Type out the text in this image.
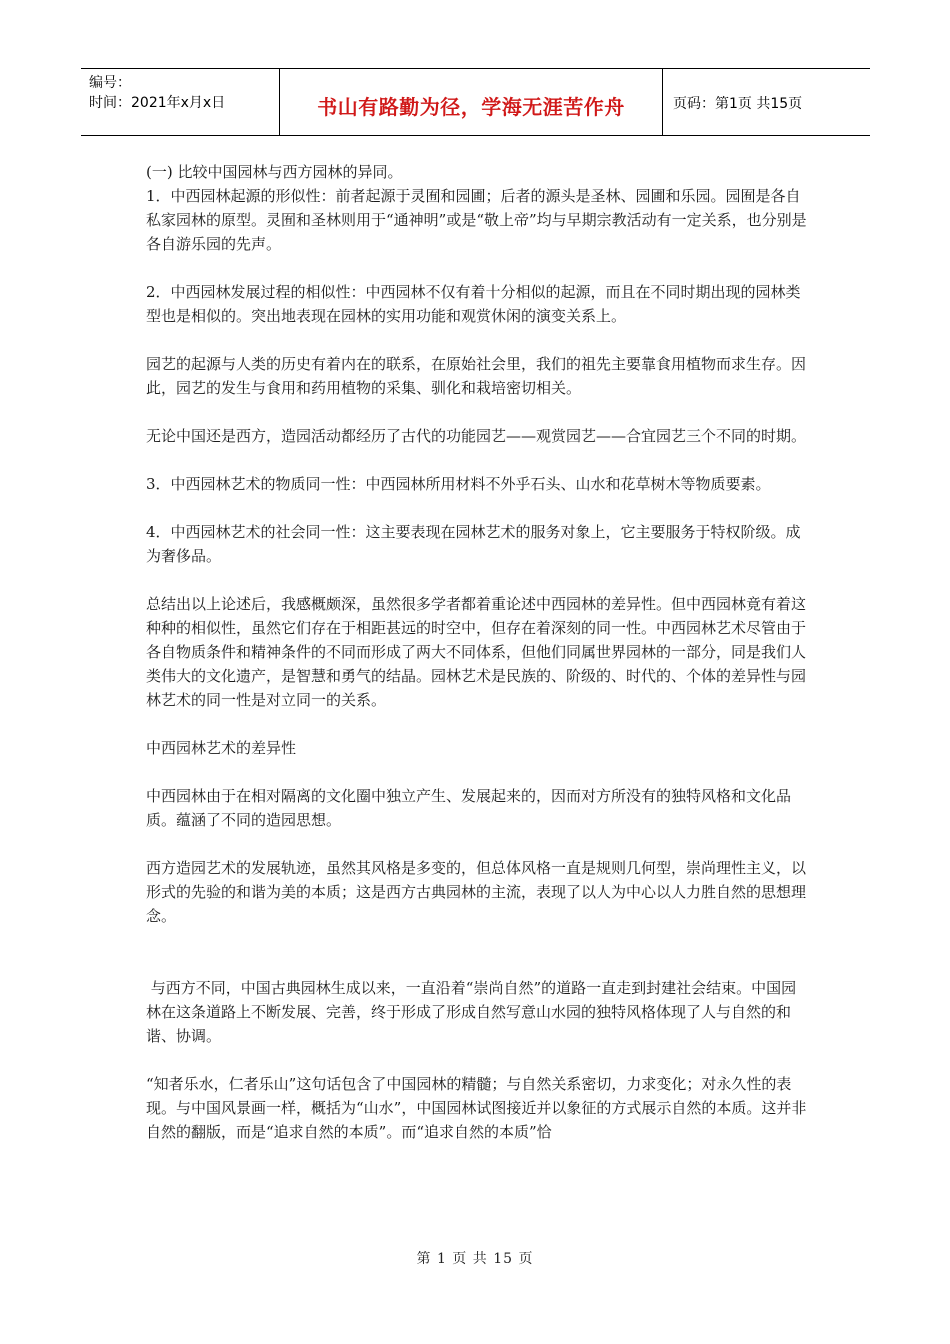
编号：
时间：2021年x月x日	书山有路勤为径，学海无涯苦作舟	页码：第1页 共15页

(一) 比较中国园林与西方园林的异同。

1．中西园林起源的形似性：前者起源于灵囿和园圃；后者的源头是圣林、园圃和乐园。园囿是各自私家园林的原型。灵囿和圣林则用于“通神明”或是“敬上帝”均与早期宗教活动有一定关系，也分别是各自游乐园的先声。

2．中西园林发展过程的相似性：中西园林不仅有着十分相似的起源，而且在不同时期出现的园林类型也是相似的。突出地表现在园林的实用功能和观赏休闲的演变关系上。

园艺的起源与人类的历史有着内在的联系，在原始社会里，我们的祖先主要靠食用植物而求生存。因此，园艺的发生与食用和药用植物的采集、驯化和栽培密切相关。

无论中国还是西方，造园活动都经历了古代的功能园艺——观赏园艺——合宜园艺三个不同的时期。

3．中西园林艺术的物质同一性：中西园林所用材料不外乎石头、山水和花草树木等物质要素。

4．中西园林艺术的社会同一性：这主要表现在园林艺术的服务对象上，它主要服务于特权阶级。成为奢侈品。

总结出以上论述后，我感概颇深，虽然很多学者都着重论述中西园林的差异性。但中西园林竟有着这种种的相似性，虽然它们存在于相距甚远的时空中，但存在着深刻的同一性。中西园林艺术尽管由于各自物质条件和精神条件的不同而形成了两大不同体系，但他们同属世界园林的一部分，同是我们人类伟大的文化遗产，是智慧和勇气的结晶。园林艺术是民族的、阶级的、时代的、个体的差异性与园林艺术的同一性是对立同一的关系。

中西园林艺术的差异性

中西园林由于在相对隔离的文化圈中独立产生、发展起来的，因而对方所没有的独特风格和文化品质。蕴涵了不同的造园思想。

西方造园艺术的发展轨迹，虽然其风格是多变的，但总体风格一直是规则几何型，崇尚理性主义，以形式的先验的和谐为美的本质；这是西方古典园林的主流，表现了以人为中心以人力胜自然的思想理念。

与西方不同，中国古典园林生成以来，一直沿着“崇尚自然”的道路一直走到封建社会结束。中国园林在这条道路上不断发展、完善，终于形成了形成自然写意山水园的独特风格体现了人与自然的和谐、协调。

“知者乐水，仁者乐山”这句话包含了中国园林的精髓；与自然关系密切，力求变化；对永久性的表现。与中国风景画一样，概括为“山水”，中国园林试图接近并以象征的方式展示自然的本质。这并非自然的翻版，而是“追求自然的本质”。而“追求自然的本质”恰

第 1 页 共 15 页
